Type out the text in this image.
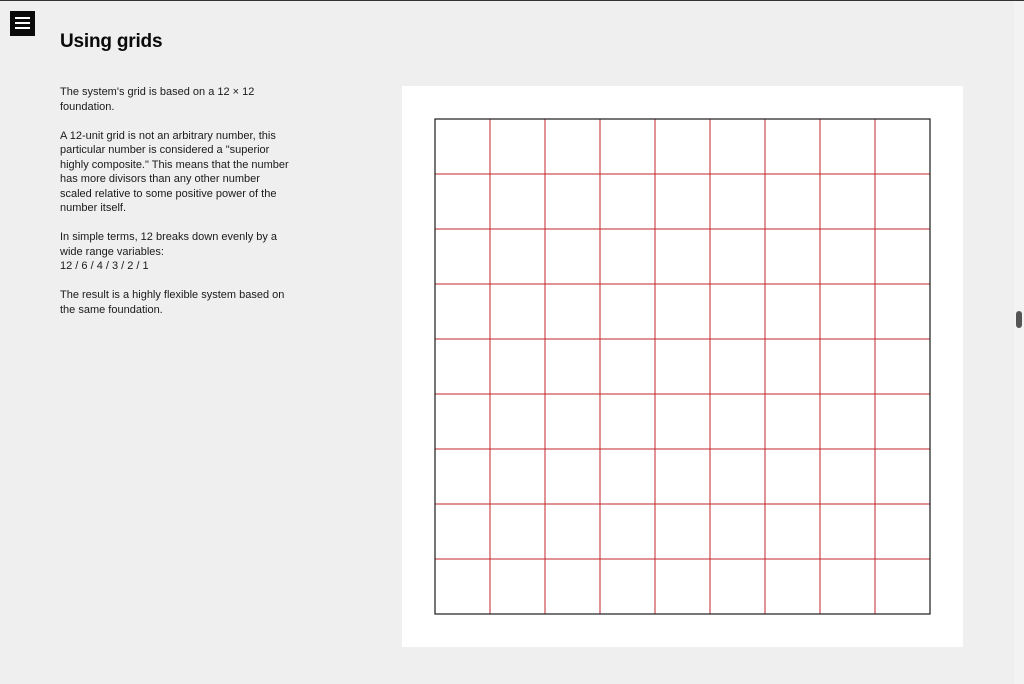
Using grids

The system's grid is based on a 12 × 12 foundation.

A 12-unit grid is not an arbitrary number, this particular number is considered a "superior highly composite." This means that the number has more divisors than any other number scaled relative to some positive power of the number itself.

In simple terms, 12 breaks down evenly by a wide range variables:
12 / 6 / 4 / 3 / 2 / 1

The result is a highly flexible system based on the same foundation.
